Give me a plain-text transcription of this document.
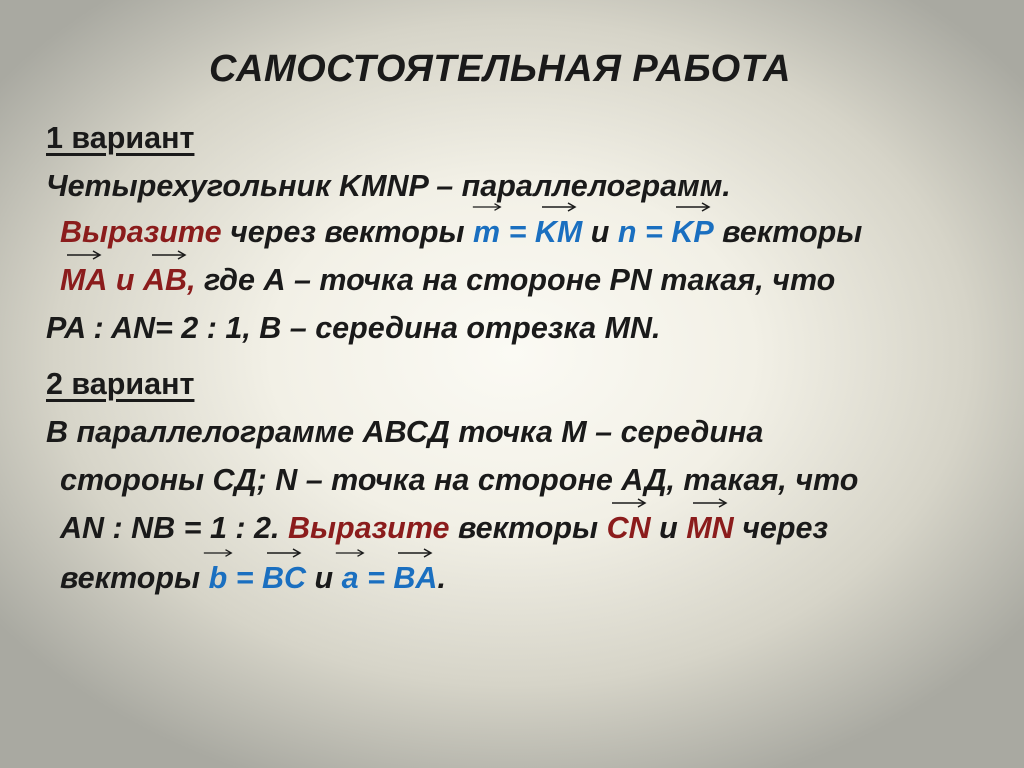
САМОСТОЯТЕЛЬНАЯ РАБОТА
1 вариант
Четырехугольник KMNP – параллелограмм.
Выразите через векторы
m =
KM и n =
KP векторы
MA и
AB, где А – точка на стороне PN такая, что
PA : AN= 2 : 1, B – середина отрезка MN.
2 вариант
В параллелограмме АВСД точка М – середина
стороны СД; N – точка на стороне АД, такая, что
AN : NB = 1 : 2. Выразите векторы
CN и
MN через
векторы
b =
BC и
a =
BA.
